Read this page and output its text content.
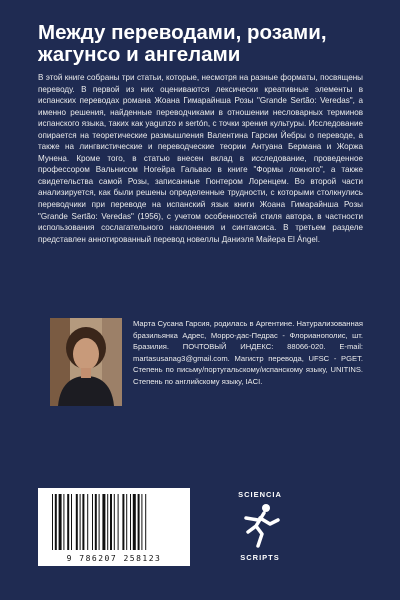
Между переводами, розами, жагунсо и ангелами

В этой книге собраны три статьи, которые, несмотря на разные форматы, посвящены переводу. В первой из них оцениваются лексически креативные элементы в испанских переводах романа Жоана Гимарайнша Розы "Grande Sertão: Veredas", а именно решения, найденные переводчиками в отношении несловарных терминов испанского языка, таких как yagunzo и sertón, с точки зрения культуры. Исследование опирается на теоретические размышления Валентина Гарсии Йебры о переводе, а также на лингвистические и переводческие теории Антуана Бермана и Жоржа Мунена. Кроме того, в статью внесен вклад в исследование, проведенное профессором Вальнисом Ногейра Гальвао в книге "Формы ложного", а также свидетельства самой Розы, записанные Гюнтером Лоренцем. Во второй части анализируется, как были решены определенные трудности, с которыми столкнулись переводчики при переводе на испанский язык книги Жоана Гимарайнша Розы "Grande Sertão: Veredas" (1956), с учетом особенностей стиля автора, в частности использования сослагательного наклонения и синтаксиса. В третьем разделе представлен аннотированный перевод новеллы Даниэля Майера El Ángel.

Марта Сусана Гарсия, родилась в Аргентине. Натурализованная бразильянка Адрес, Морро-дас-Педрас - Флорианополис, шт. Бразилия. ПОЧТОВЫЙ ИНДЕКС: 88066-020. E-mail: martasusanag3@gmail.com. Магистр перевода, UFSC - PGET. Степень по письму/португальскому/испанскому языку, UNITINS. Степень по английскому языку, IACI.

9 786207 258123
SCIENCIA
SCRIPTS
